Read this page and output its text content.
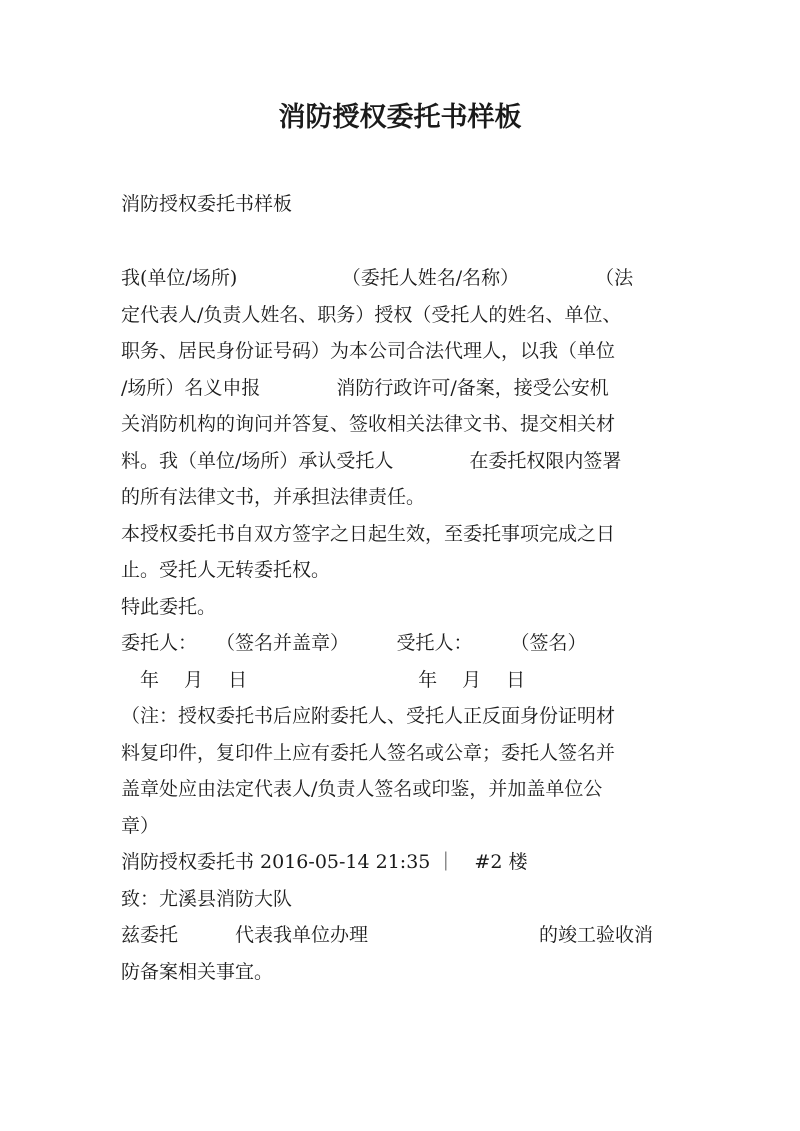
消防授权委托书样板

消防授权委托书样板

我(单位/场所)　　　　　　（委托人姓名/名称）　　　　　（法
定代表人/负责人姓名、职务）授权（受托人的姓名、单位、
职务、居民身份证号码）为本公司合法代理人，以我（单位
/场所）名义申报　　　　消防行政许可/备案，接受公安机
关消防机构的询问并答复、签收相关法律文书、提交相关材
料。我（单位/场所）承认受托人　　　　在委托权限内签署
的所有法律文书，并承担法律责任。
本授权委托书自双方签字之日起生效，至委托事项完成之日
止。受托人无转委托权。
特此委托。
委托人：　　（签名并盖章）　　　受托人：　　　（签名）
　年　 月　 日　　　　　　　　　年　 月　 日
（注：授权委托书后应附委托人、受托人正反面身份证明材
料复印件，复印件上应有委托人签名或公章；委托人签名并
盖章处应由法定代表人/负责人签名或印鉴，并加盖单位公
章）
消防授权委托书 2016-05-14 21:35 ｜　#2 楼
致：尤溪县消防大队
兹委托　　　代表我单位办理　　　　　　　　　的竣工验收消
防备案相关事宜。
